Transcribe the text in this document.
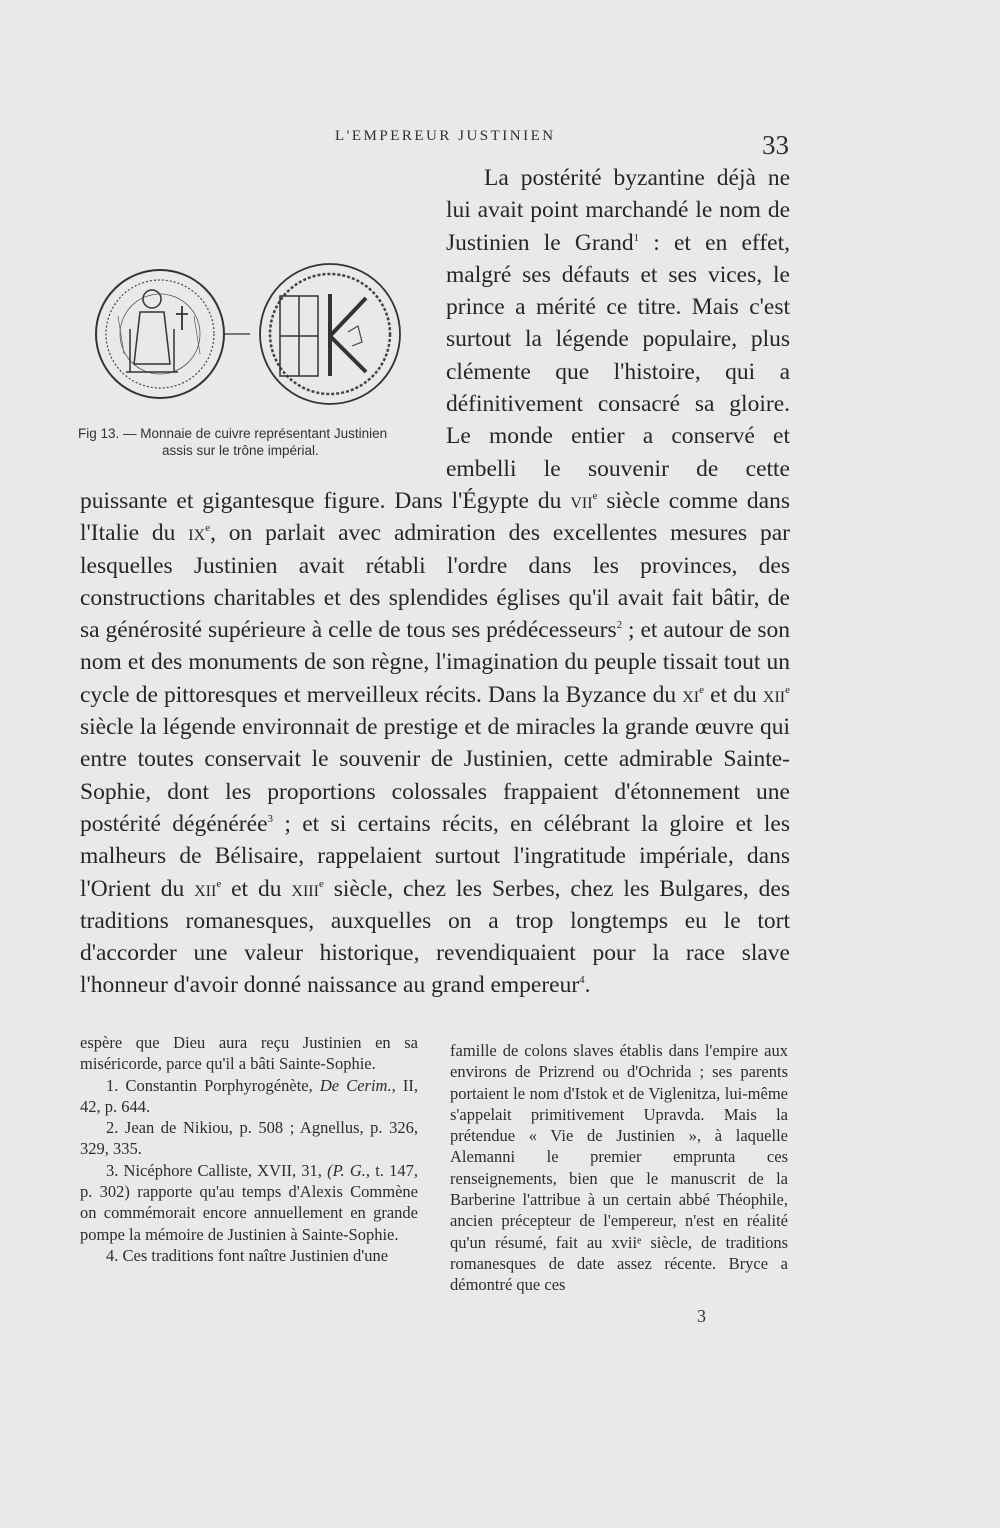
L'EMPEREUR JUSTINIEN	33
Fig 13. — Monnaie de cuivre représentant Justinien
assis sur le trône impérial.

La postérité byzantine déjà ne lui avait point marchandé le nom de Justinien le Grand$^1$ : et en effet, malgré ses défauts et ses vices, le prince a mérité ce titre. Mais c'est surtout la légende populaire, plus clémente que l'histoire, qui a définitivement consacré sa gloire. Le monde entier a conservé et embelli le souvenir de cette puissante et gigantesque figure. Dans l'Égypte du vii$^e$ siècle comme dans l'Italie du $ix^e$, on parlait avec admiration des excellentes mesures par lesquelles Justinien avait rétabli l'ordre dans les provinces, des constructions charitables et des splendides églises qu'il avait fait bâtir, de sa générosité supérieure à celle de tous ses prédécesseurs$^2$ ; et autour de son nom et des monuments de son règne, l'imagination du peuple tissait tout un cycle de pittoresques et merveilleux récits. Dans la Byzance du $xi^e$ et du xii$^e$ siècle la légende environnait de prestige et de miracles la grande œuvre qui entre toutes conservait le souvenir de Justinien, cette admirable Sainte-Sophie, dont les proportions colossales frappaient d'étonnement une postérité dégénérée$^3$ ; et si certains récits, en célébrant la gloire et les malheurs de Bélisaire, rappelaient surtout l'ingratitude impériale, dans l'Orient du xii$^e$ et du xiii$^e$ siècle, chez les Serbes, chez les Bulgares, des traditions romanesques, auxquelles on a trop longtemps eu le tort d'accorder une valeur historique, revendiquaient pour la race slave l'honneur d'avoir donné naissance au grand empereur$^4$.

espère que Dieu aura reçu Justinien en sa miséricorde, parce qu'il a bâti Sainte-Sophie.

1. Constantin Porphyrogénète, De Cerim., II, 42, p. 644.

2. Jean de Nikiou, p. 508 ; Agnellus, p. 326, 329, 335.

3. Nicéphore Calliste, XVII, 31, (P. G., t. 147, p. 302) rapporte qu'au temps d'Alexis Commène on commémorait encore annuellement en grande pompe la mémoire de Justinien à Sainte-Sophie.

4. Ces traditions font naître Justinien d'une

famille de colons slaves établis dans l'empire aux environs de Prizrend ou d'Ochrida ; ses parents portaient le nom d'Istok et de Viglenitza, lui-même s'appelait primitivement Upravda. Mais la prétendue « Vie de Justinien », à laquelle Alemanni le premier emprunta ces renseignements, bien que le manuscrit de la Barberine l'attribue à un certain abbé Théophile, ancien précepteur de l'empereur, n'est en réalité qu'un résumé, fait au xviiᵉ siècle, de traditions romanesques de date assez récente. Bryce a démontré que ces

3
